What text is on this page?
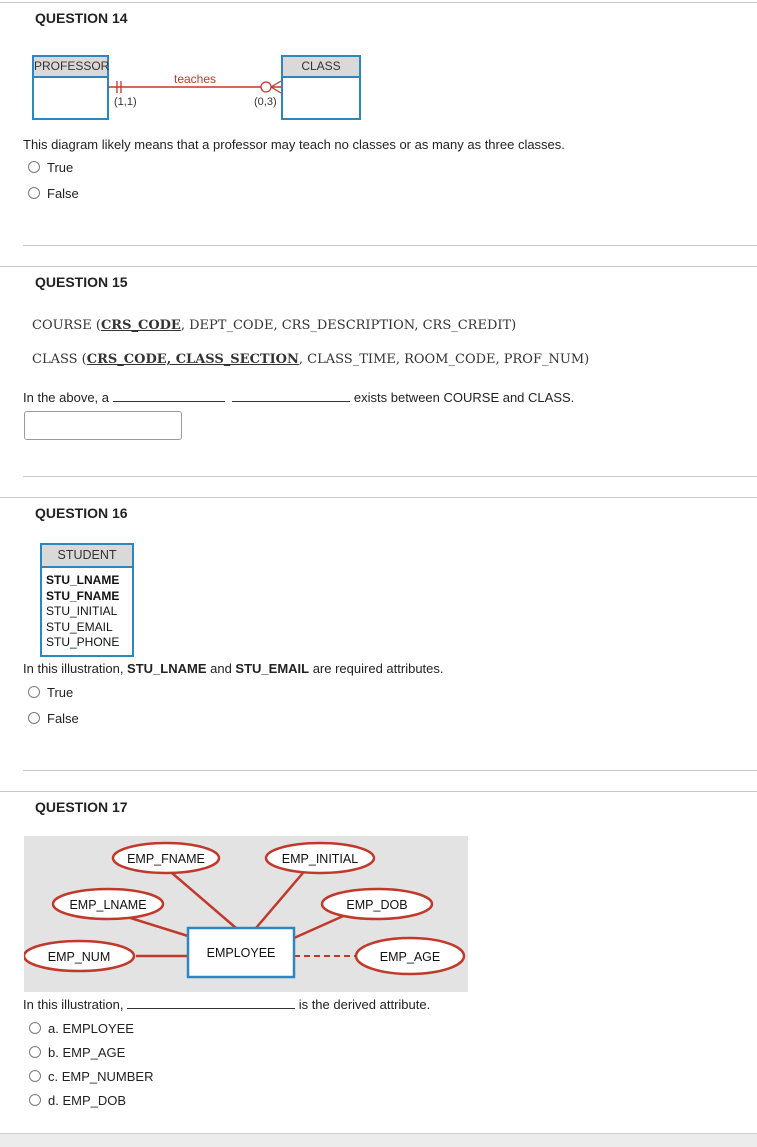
QUESTION 14
PROFESSOR	CLASS
teaches
(1,1)	(0,3)
This diagram likely means that a professor may teach no classes or as many as three classes.
True
False
QUESTION 15
COURSE (CRS_CODE, DEPT_CODE, CRS_DESCRIPTION, CRS_CREDIT)
CLASS (CRS_CODE, CLASS_SECTION, CLASS_TIME, ROOM_CODE, PROF_NUM)
In the above, a	exists between COURSE and CLASS.
QUESTION 16
STUDENT
STU_LNAME
STU_FNAME
STU_INITIAL
STU_EMAIL
STU_PHONE
In this illustration, STU_LNAME and STU_EMAIL are required attributes.
True
False
QUESTION 17
EMPLOYEE
EMP_FNAME	EMP_INITIAL
EMP_LNAME	EMP_DOB
EMP_NUM	EMP_AGE
In this illustration,	is the derived attribute.
a. EMPLOYEE
b. EMP_AGE
c. EMP_NUMBER
d. EMP_DOB
